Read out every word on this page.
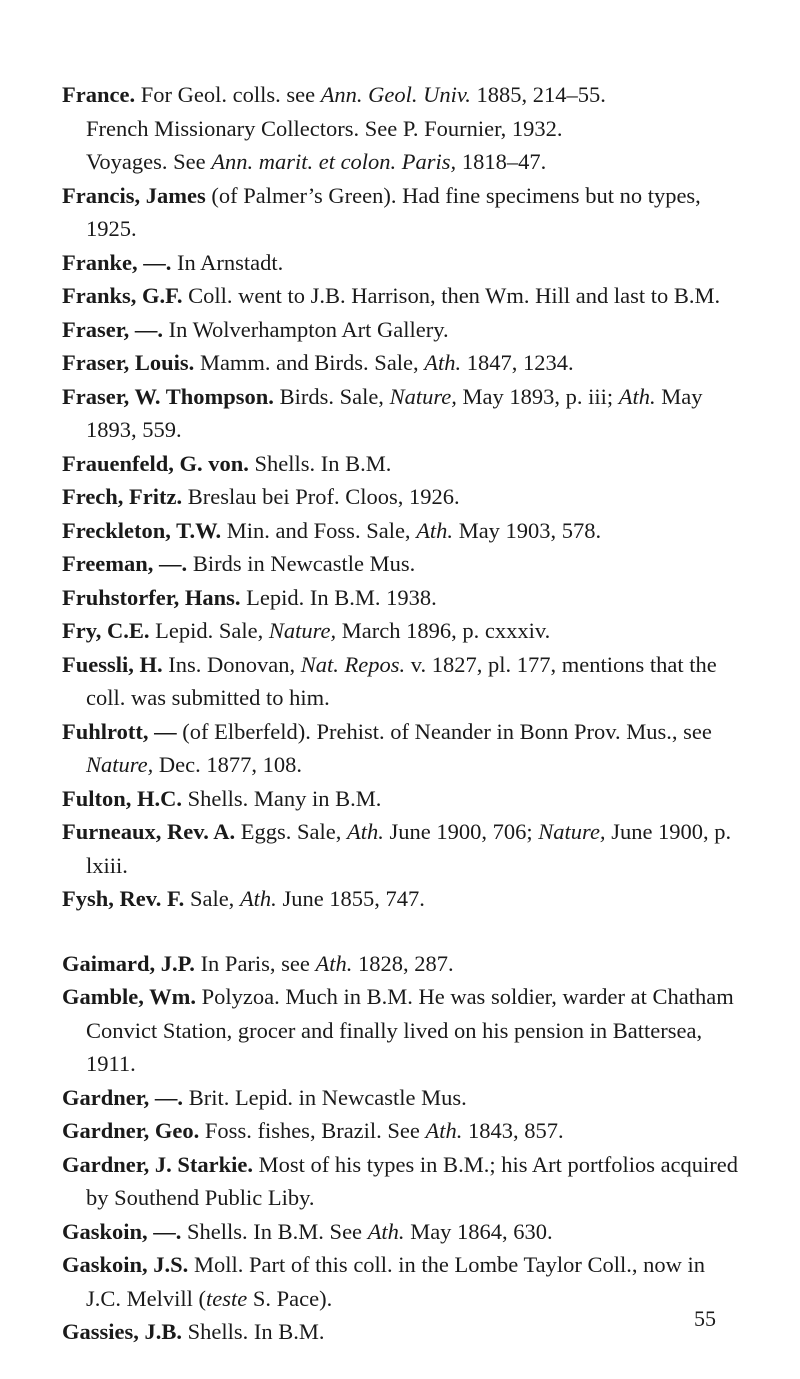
France. For Geol. colls. see Ann. Geol. Univ. 1885, 214–55.
French Missionary Collectors. See P. Fournier, 1932.
Voyages. See Ann. marit. et colon. Paris, 1818–47.
Francis, James (of Palmer’s Green). Had fine specimens but no types, 1925.
Franke, —. In Arnstadt.
Franks, G.F. Coll. went to J.B. Harrison, then Wm. Hill and last to B.M.
Fraser, —. In Wolverhampton Art Gallery.
Fraser, Louis. Mamm. and Birds. Sale, Ath. 1847, 1234.
Fraser, W. Thompson. Birds. Sale, Nature, May 1893, p. iii; Ath. May 1893, 559.
Frauenfeld, G. von. Shells. In B.M.
Frech, Fritz. Breslau bei Prof. Cloos, 1926.
Freckleton, T.W. Min. and Foss. Sale, Ath. May 1903, 578.
Freeman, —. Birds in Newcastle Mus.
Fruhstorfer, Hans. Lepid. In B.M. 1938.
Fry, C.E. Lepid. Sale, Nature, March 1896, p. cxxxiv.
Fuessli, H. Ins. Donovan, Nat. Repos. v. 1827, pl. 177, mentions that the coll. was submitted to him.
Fuhlrott, — (of Elberfeld). Prehist. of Neander in Bonn Prov. Mus., see Nature, Dec. 1877, 108.
Fulton, H.C. Shells. Many in B.M.
Furneaux, Rev. A. Eggs. Sale, Ath. June 1900, 706; Nature, June 1900, p. lxiii.
Fysh, Rev. F. Sale, Ath. June 1855, 747.
Gaimard, J.P. In Paris, see Ath. 1828, 287.
Gamble, Wm. Polyzoa. Much in B.M. He was soldier, warder at Chatham Convict Station, grocer and finally lived on his pension in Battersea, 1911.
Gardner, —. Brit. Lepid. in Newcastle Mus.
Gardner, Geo. Foss. fishes, Brazil. See Ath. 1843, 857.
Gardner, J. Starkie. Most of his types in B.M.; his Art portfolios acquired by Southend Public Liby.
Gaskoin, —. Shells. In B.M. See Ath. May 1864, 630.
Gaskoin, J.S. Moll. Part of this coll. in the Lombe Taylor Coll., now in J.C. Melvill (teste S. Pace).
Gassies, J.B. Shells. In B.M.
55
